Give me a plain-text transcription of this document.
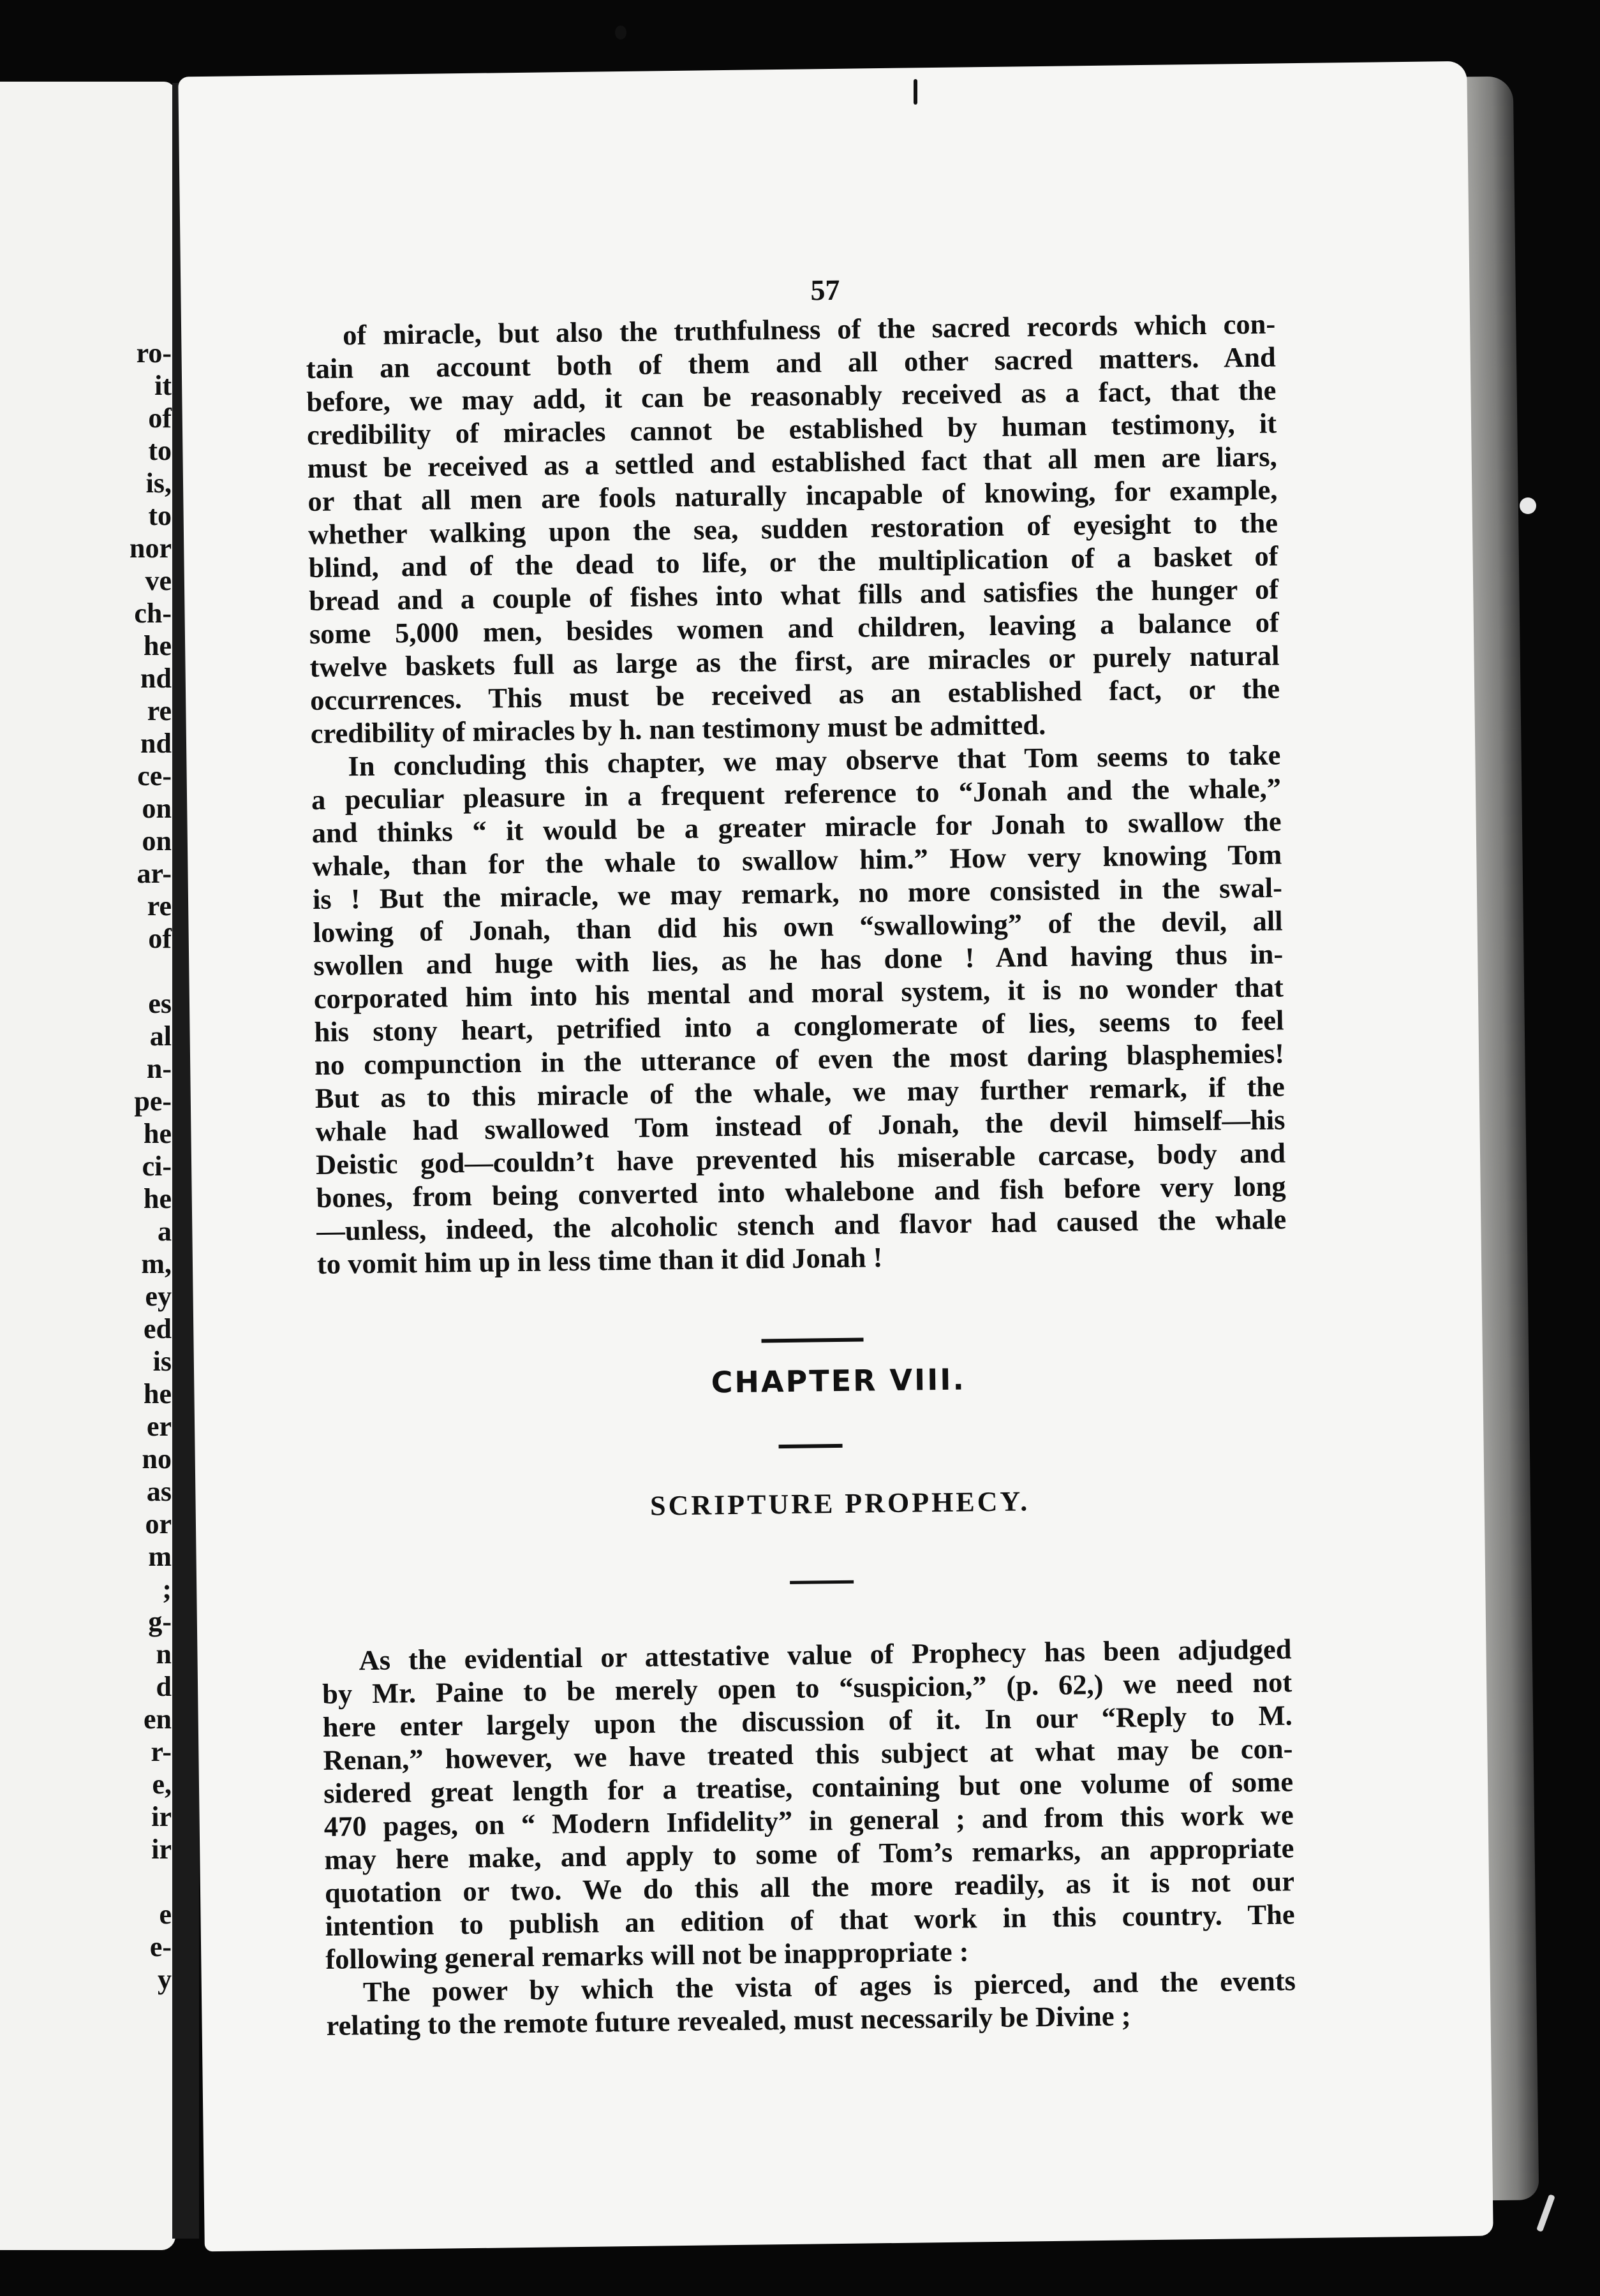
ro-
it
of
to
is,
to
nor
ve
ch-
he
nd
re
nd
ce-
on
on
ar-
re
of
es
al
n-
pe-
he
ci-
he
a
m,
ey
ed
is
he
er
no
as
or
m
;
g-
n
d
en
r-
e,
ir
ir
e
e-
y
57
of miracle, but also the truthfulness of the sacred records which con-
tain an account both of them and all other sacred matters. And
before, we may add, it can be reasonably received as a fact, that the
credibility of miracles cannot be established by human testimony, it
must be received as a settled and established fact that all men are liars,
or that all men are fools naturally incapable of knowing, for example,
whether walking upon the sea, sudden restoration of eyesight to the
blind, and of the dead to life, or the multiplication of a basket of
bread and a couple of fishes into what fills and satisfies the hunger of
some 5,000 men, besides women and children, leaving a balance of
twelve baskets full as large as the first, are miracles or purely natural
occurrences. This must be received as an established fact, or the
credibility of miracles by h. nan testimony must be admitted.
In concluding this chapter, we may observe that Tom seems to take
a peculiar pleasure in a frequent reference to “Jonah and the whale,”
and thinks “ it would be a greater miracle for Jonah to swallow the
whale, than for the whale to swallow him.” How very knowing Tom
is ! But the miracle, we may remark, no more consisted in the swal-
lowing of Jonah, than did his own “swallowing” of the devil, all
swollen and huge with lies, as he has done ! And having thus in-
corporated him into his mental and moral system, it is no wonder that
his stony heart, petrified into a conglomerate of lies, seems to feel
no compunction in the utterance of even the most daring blasphemies!
But as to this miracle of the whale, we may further remark, if the
whale had swallowed Tom instead of Jonah, the devil himself—his
Deistic god—couldn’t have prevented his miserable carcase, body and
bones, from being converted into whalebone and fish before very long
—unless, indeed, the alcoholic stench and flavor had caused the whale
to vomit him up in less time than it did Jonah !
CHAPTER VIII.
SCRIPTURE PROPHECY.
As the evidential or attestative value of Prophecy has been adjudged
by Mr. Paine to be merely open to “suspicion,” (p. 62,) we need not
here enter largely upon the discussion of it. In our “Reply to M.
Renan,” however, we have treated this subject at what may be con-
sidered great length for a treatise, containing but one volume of some
470 pages, on “ Modern Infidelity” in general ; and from this work we
may here make, and apply to some of Tom’s remarks, an appropriate
quotation or two. We do this all the more readily, as it is not our
intention to publish an edition of that work in this country. The
following general remarks will not be inappropriate :
The power by which the vista of ages is pierced, and the events
relating to the remote future revealed, must necessarily be Divine ;
